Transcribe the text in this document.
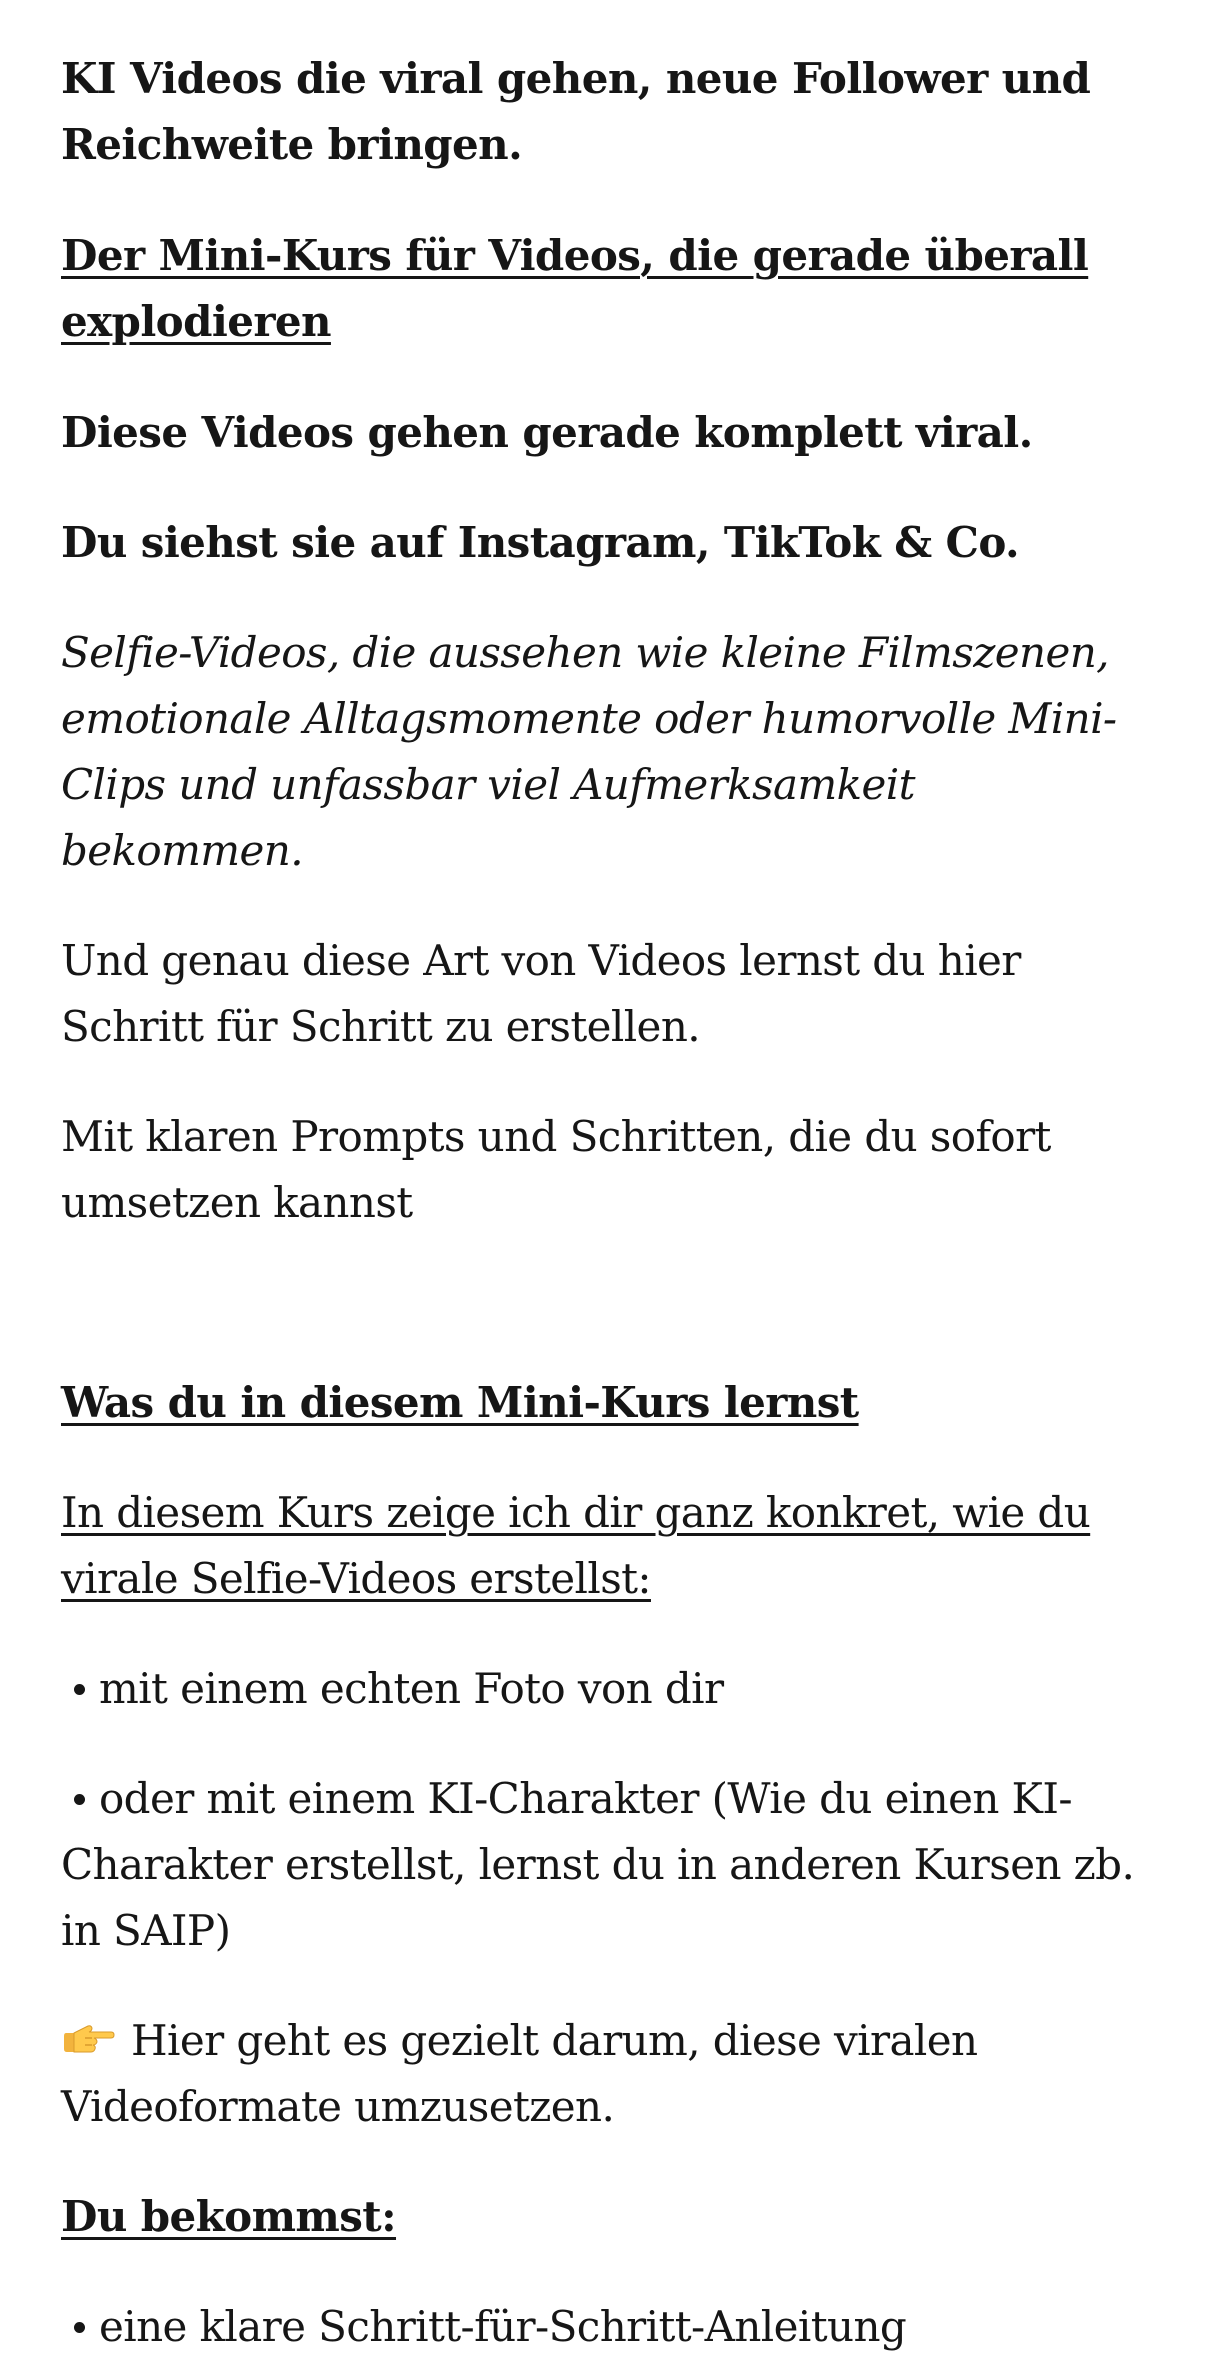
KI Videos die viral gehen, neue Follower und Reichweite bringen.

Der Mini-Kurs für Videos, die gerade überall explodieren

Diese Videos gehen gerade komplett viral.

Du siehst sie auf Instagram, TikTok & Co.

Selfie-Videos, die aussehen wie kleine Filmszenen, emotionale Alltagsmomente oder humorvolle Mini-Clips und unfassbar viel Aufmerksamkeit bekommen.

Und genau diese Art von Videos lernst du hier Schritt für Schritt zu erstellen.

Mit klaren Prompts und Schritten, die du sofort umsetzen kannst

Was du in diesem Mini-Kurs lernst

In diesem Kurs zeige ich dir ganz konkret, wie du virale Selfie-Videos erstellst:

mit einem echten Foto von dir

oder mit einem KI-Charakter (Wie du einen KI-Charakter erstellst, lernst du in anderen Kursen zb. in SAIP)

Hier geht es gezielt darum, diese viralen Videoformate umzusetzen.

Du bekommst:

eine klare Schritt-für-Schritt-Anleitung
